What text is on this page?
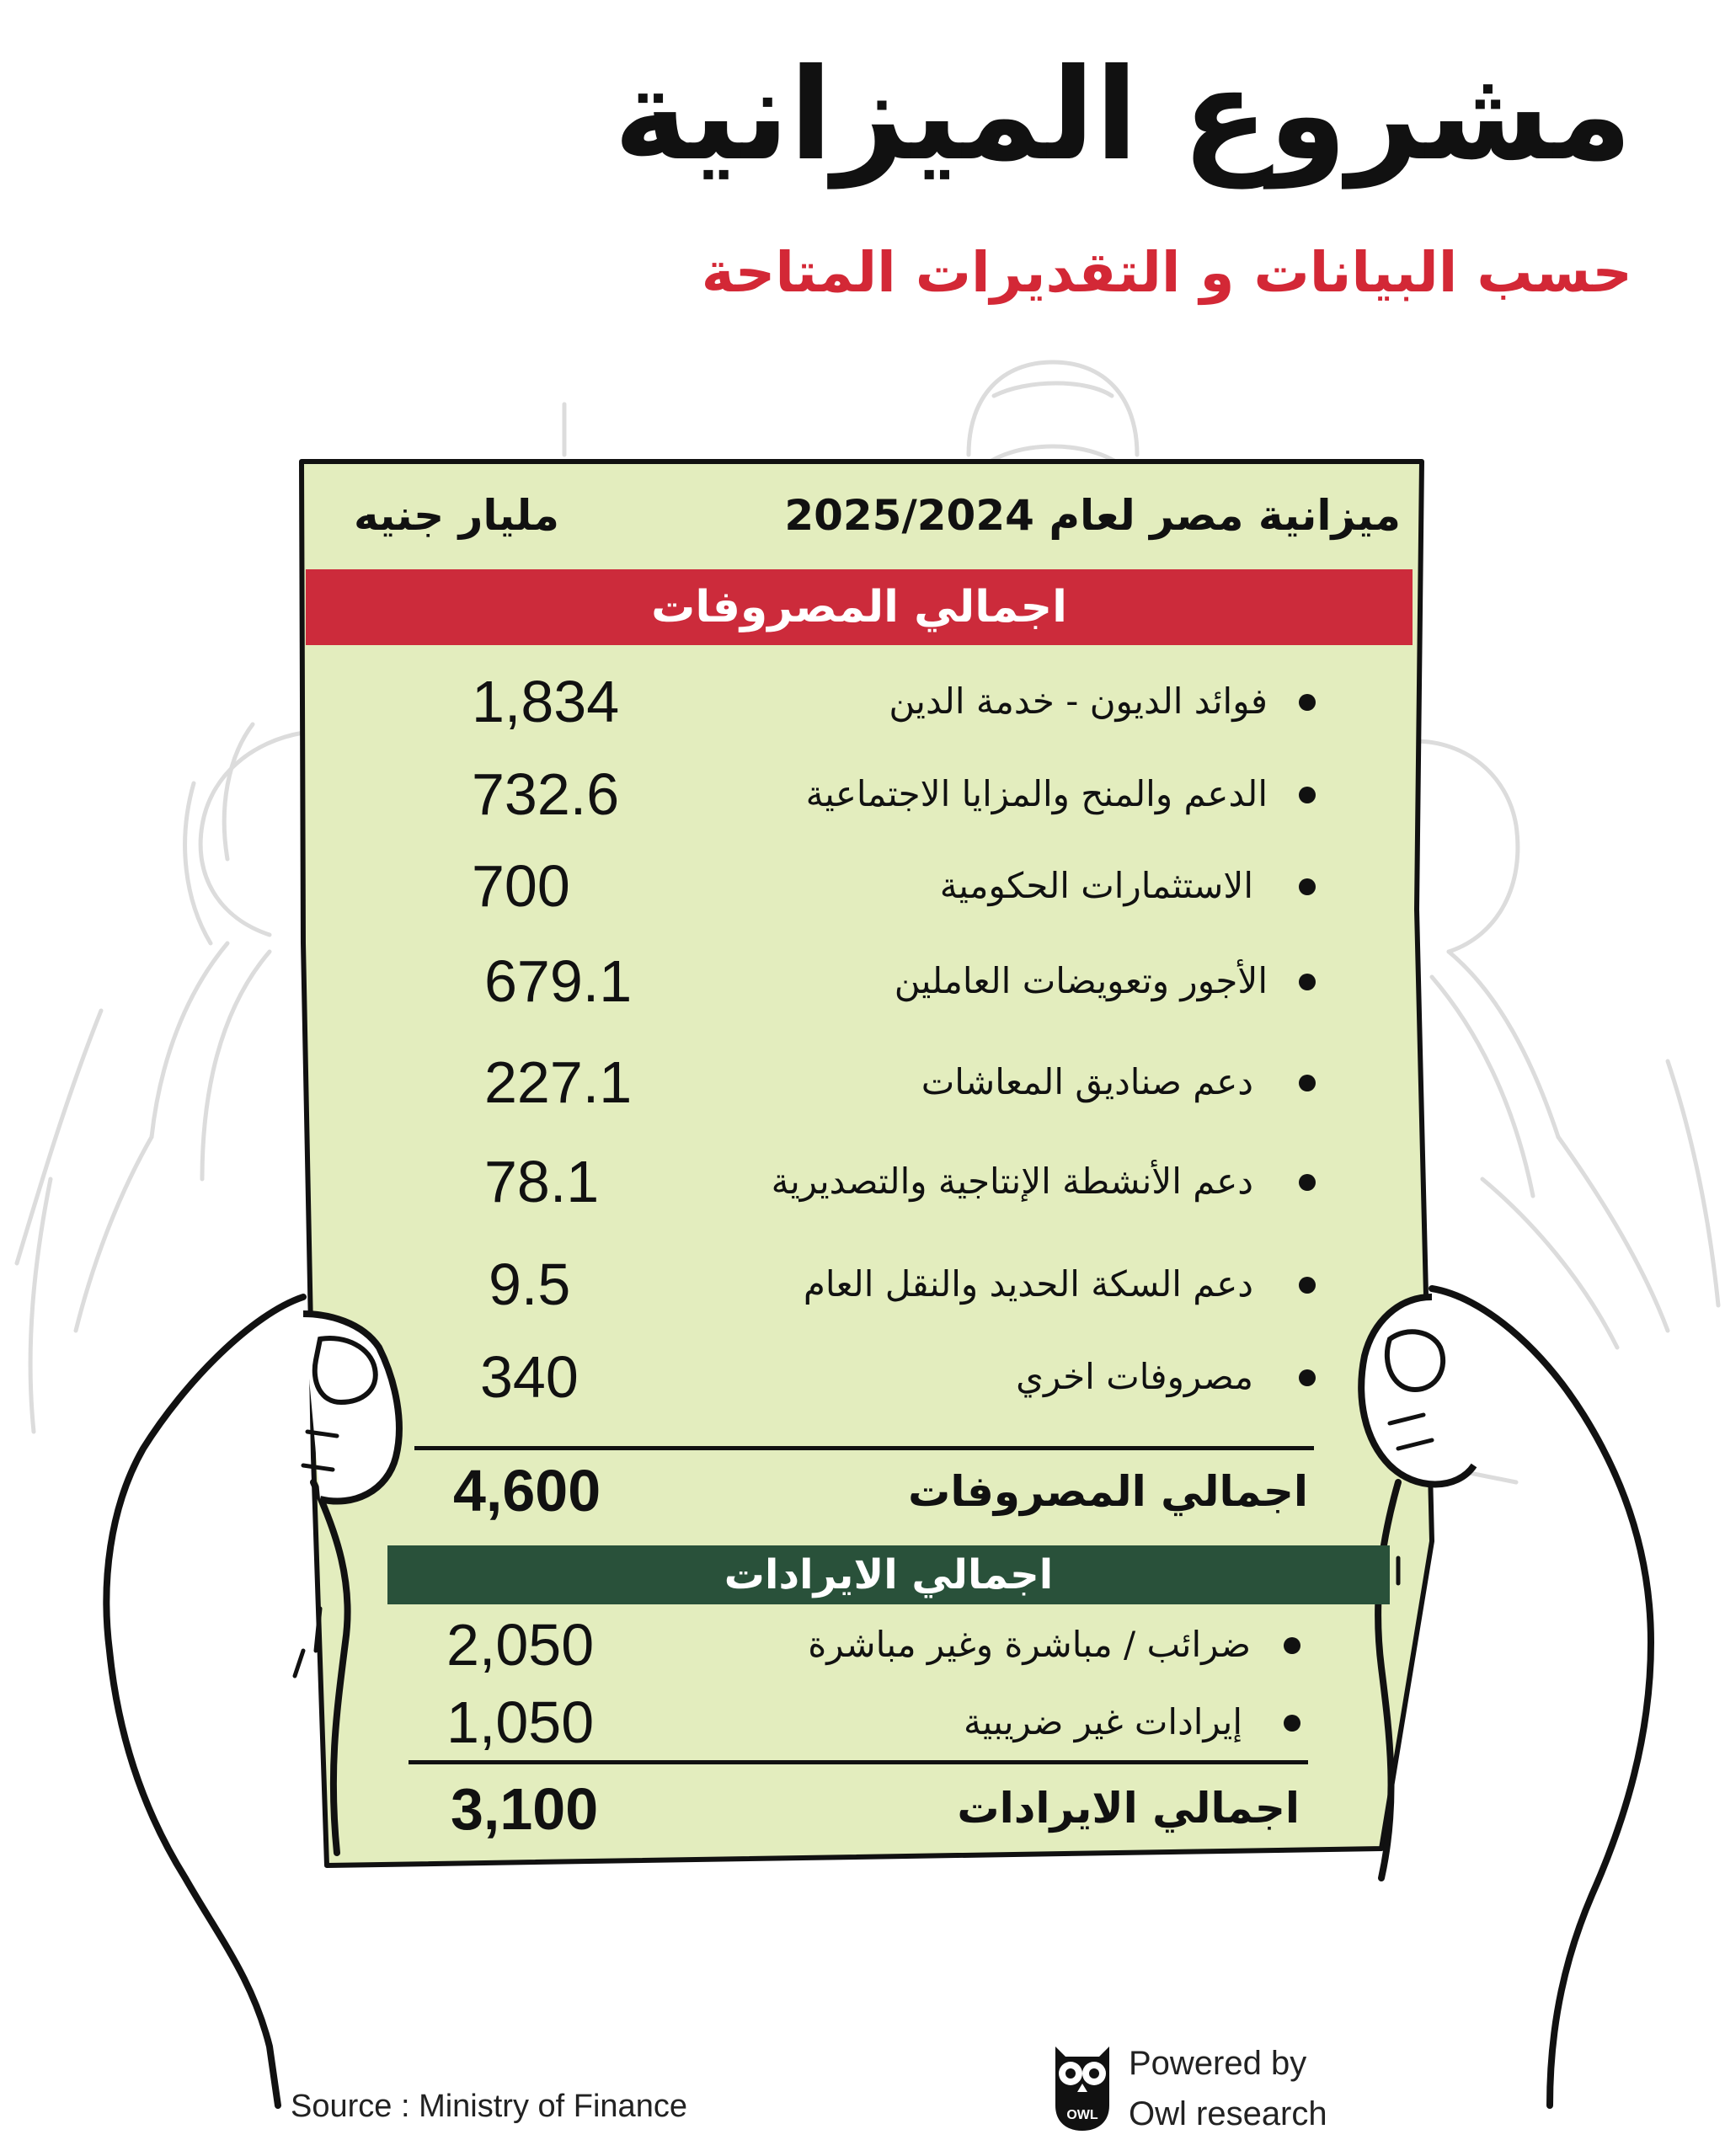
مشروع الميزانية
حسب البيانات و التقديرات المتاحة
ميزانية مصر لعام 2025/2024
مليار جنيه
اجمالي المصروفات
فوائد الديون - خدمة الدين
1,834
الدعم والمنح والمزايا الاجتماعية
732.6
الاستثمارات الحكومية
700
الأجور وتعويضات العاملين
679.1
دعم صناديق المعاشات
227.1
دعم الأنشطة الإنتاجية والتصديرية
78.1
دعم السكة الحديد والنقل العام
9.5
مصروفات اخري
340
اجمالي المصروفات
4,600
اجمالي الايرادات
ضرائب / مباشرة وغير مباشرة
2,050
إيرادات غير ضريبية
1,050
اجمالي الايرادات
3,100
Source : Ministry of Finance	OWL
Powered by
Owl research
